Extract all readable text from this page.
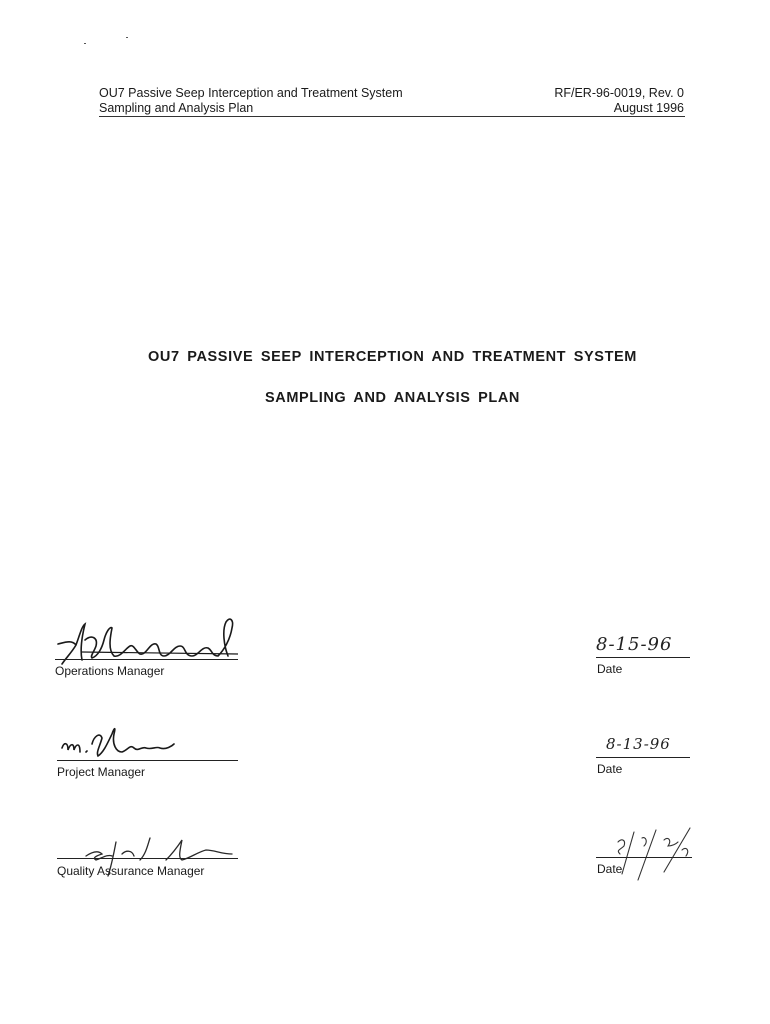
OU7 Passive Seep Interception and Treatment System
Sampling and Analysis Plan
RF/ER-96-0019, Rev. 0
August 1996
OU7 PASSIVE SEEP INTERCEPTION AND TREATMENT SYSTEM
SAMPLING AND ANALYSIS PLAN
Operations Manager
8-15-96
Date
Project Manager
8-13-96
Date
Quality Assurance Manager	Date
